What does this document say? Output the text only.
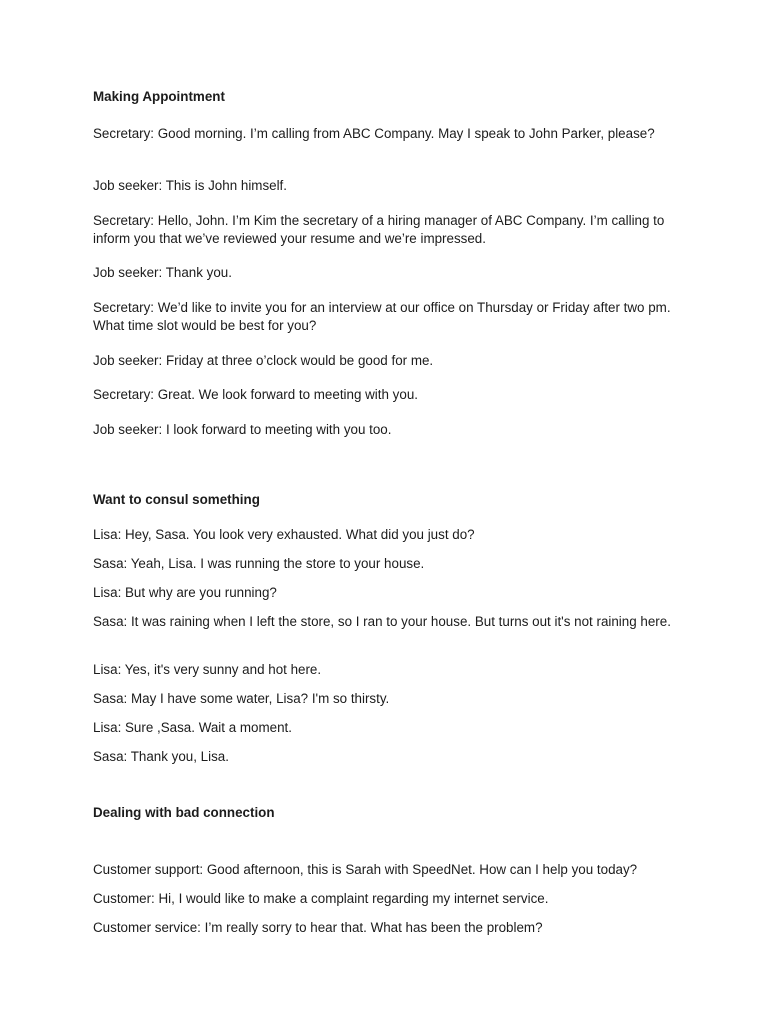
Making Appointment
Secretary: Good morning. I’m calling from ABC Company. May I speak to John Parker, please?
Job seeker: This is John himself.
Secretary: Hello, John. I’m Kim the secretary of a hiring manager of ABC Company. I’m calling to inform you that we’ve reviewed your resume and we’re impressed.
Job seeker: Thank you.
Secretary: We’d like to invite you for an interview at our office on Thursday or Friday after two pm. What time slot would be best for you?
Job seeker: Friday at three o’clock would be good for me.
Secretary: Great. We look forward to meeting with you.
Job seeker: I look forward to meeting with you too.
Want to consul something
Lisa: Hey, Sasa. You look very exhausted. What did you just do?
Sasa: Yeah, Lisa. I was running the store to your house.
Lisa: But why are you running?
Sasa: It was raining when I left the store, so I ran to your house. But turns out it's not raining here.
Lisa: Yes, it's very sunny and hot here.
Sasa: May I have some water, Lisa? I'm so thirsty.
Lisa: Sure ,Sasa. Wait a moment.
Sasa: Thank you, Lisa.
Dealing with bad connection
Customer support: Good afternoon, this is Sarah with SpeedNet. How can I help you today?
Customer: Hi, I would like to make a complaint regarding my internet service.
Customer service: I’m really sorry to hear that. What has been the problem?
